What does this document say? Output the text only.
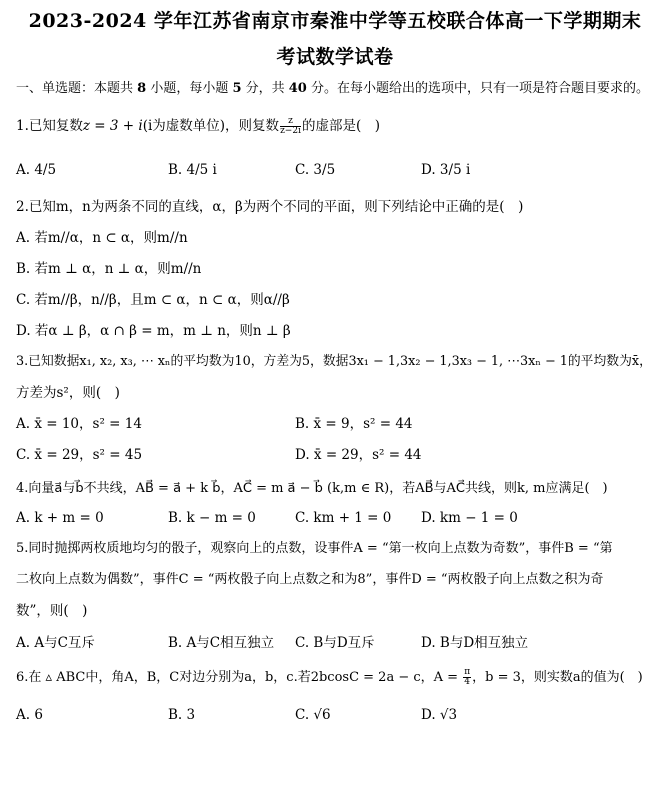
2023-2024 学年江苏省南京市秦淮中学等五校联合体高一下学期期末
考试数学试卷
一、单选题：本题共 8 小题，每小题 5 分，共 40 分。在每小题给出的选项中，只有一项是符合题目要求的。
1.已知复数z = 3 + i(i为虚数单位)，则复数 $\frac{z}{z-2i}$ 的虚部是(　)
A. 4/5	B. 4/5 i	C. 3/5	D. 3/5 i
2.已知m，n为两条不同的直线，α，β为两个不同的平面，则下列结论中正确的是(　)
A. 若m//α，n ⊂ α，则m//n
B. 若m ⊥ α，n ⊥ α，则m//n
C. 若m//β，n//β，且m ⊂ α，n ⊂ α，则α//β
D. 若α ⊥ β，α ∩ β = m，m ⊥ n，则n ⊥ β
3.已知数据x₁, x₂, x₃, ⋯ xₙ的平均数为10，方差为5，数据3x₁ − 1,3x₂ − 1,3x₃ − 1, ⋯3xₙ − 1的平均数为x̄，
方差为s²，则(　)
A. x̄ = 10，s² = 14	B. x̄ = 9，s² = 44
C. x̄ = 29，s² = 45	D. x̄ = 29，s² = 44
4.向量a⃗与b⃗不共线，AB⃗ = a⃗ + k b⃗，AC⃗ = m a⃗ − b⃗ (k,m ∈ R)，若AB⃗与AC⃗共线，则k, m应满足(　)
A. k + m = 0	B. k − m = 0	C. km + 1 = 0 D. km − 1 = 0
5.同时抛掷两枚质地均匀的骰子，观察向上的点数，设事件A = “第一枚向上点数为奇数”，事件B = “第
二枚向上点数为偶数”，事件C = “两枚骰子向上点数之和为8”，事件D = “两枚骰子向上点数之积为奇
数”，则(　)
A. A与C互斥	B. A与C相互独立 C. B与D互斥	D. B与D相互独立
6.在 ▵ ABC中，角A，B，C对边分别为a，b，c.若2bcosC = 2a − c，$A = \frac{\pi}{4}$ ，b = 3，则实数a的值为(　)
A. 6	B. 3	C. √6	D. √3
